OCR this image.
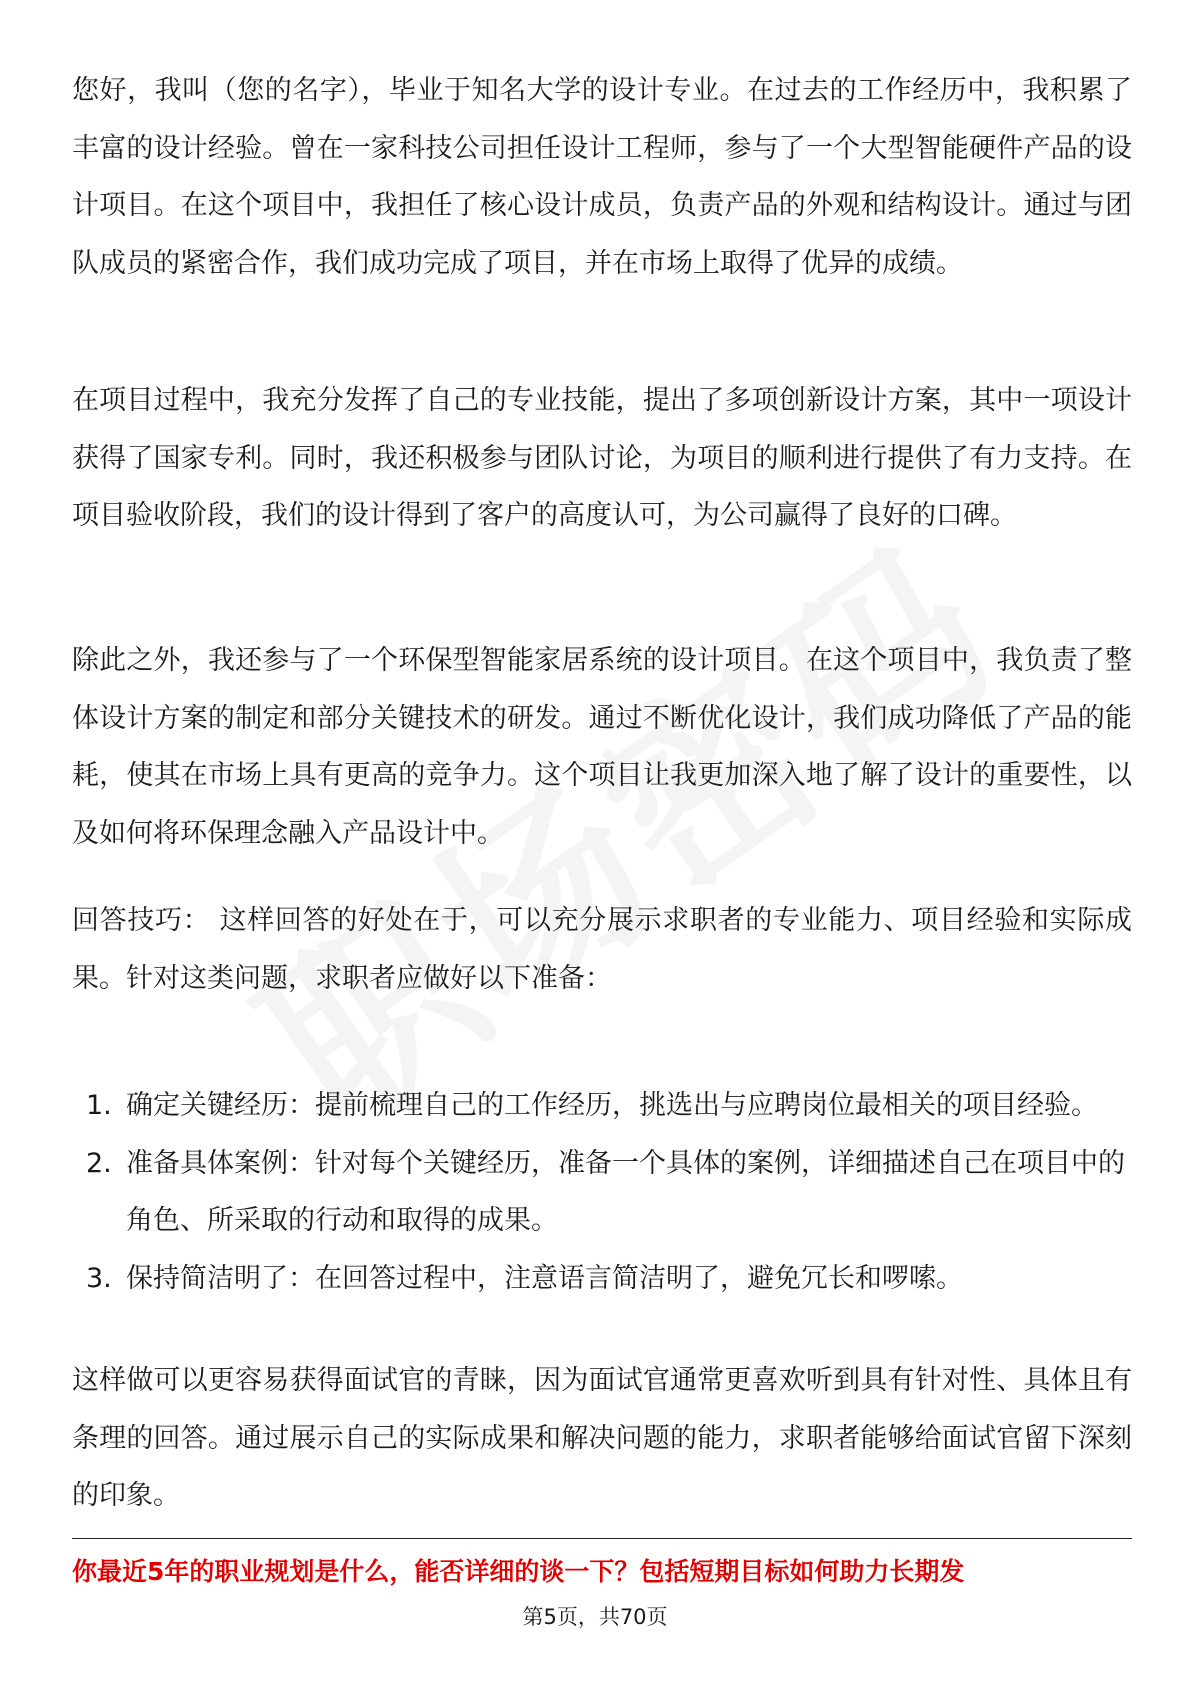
您好，我叫（您的名字），毕业于知名大学的设计专业。在过去的工作经历中，我积累了丰富的设计经验。曾在一家科技公司担任设计工程师，参与了一个大型智能硬件产品的设计项目。在这个项目中，我担任了核心设计成员，负责产品的外观和结构设计。通过与团队成员的紧密合作，我们成功完成了项目，并在市场上取得了优异的成绩。

在项目过程中，我充分发挥了自己的专业技能，提出了多项创新设计方案，其中一项设计获得了国家专利。同时，我还积极参与团队讨论，为项目的顺利进行提供了有力支持。在项目验收阶段，我们的设计得到了客户的高度认可，为公司赢得了良好的口碑。

除此之外，我还参与了一个环保型智能家居系统的设计项目。在这个项目中，我负责了整体设计方案的制定和部分关键技术的研发。通过不断优化设计，我们成功降低了产品的能耗，使其在市场上具有更高的竞争力。这个项目让我更加深入地了解了设计的重要性，以及如何将环保理念融入产品设计中。

回答技巧： 这样回答的好处在于，可以充分展示求职者的专业能力、项目经验和实际成果。针对这类问题，求职者应做好以下准备：

1. 确定关键经历：提前梳理自己的工作经历，挑选出与应聘岗位最相关的项目经验。
2. 准备具体案例：针对每个关键经历，准备一个具体的案例，详细描述自己在项目中的角色、所采取的行动和取得的成果。
3. 保持简洁明了：在回答过程中，注意语言简洁明了，避免冗长和啰嗦。

这样做可以更容易获得面试官的青睐，因为面试官通常更喜欢听到具有针对性、具体且有条理的回答。通过展示自己的实际成果和解决问题的能力，求职者能够给面试官留下深刻的印象。

你最近5年的职业规划是什么，能否详细的谈一下？包括短期目标如何助力长期发
第5页，共70页
